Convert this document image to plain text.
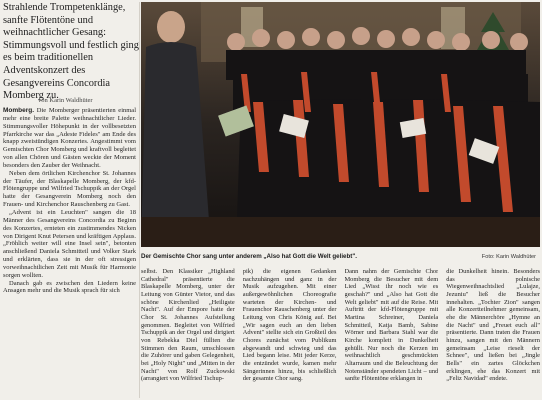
Strahlende Trompetenklänge, sanfte Flötentöne und weihnachtlicher Gesang: Stimmungsvoll und festlich ging es beim traditionellen Adventskonzert des Gesangvereins Concordia Momberg zu.
von Karin Waldhüter

Momberg. Die Momberger präsentierten einmal mehr eine breite Palette weihnachtlicher Lieder. Stimmungsvoller Höhepunkt in der vollbesetzten Pfarrkirche war das „Adeste Fideles" am Ende des knapp zweistündigen Konzertes. Angestimmt vom Gemischten Chor Momberg und kraftvoll begleitet von allen Chören und Gästen weckte der Moment besonders den Zauber der Weihnacht.

Neben dem örtlichen Kirchenchor St. Johannes der Täufer, der Blaskapelle Momberg, der kfd-Flötengruppe und Wilfried Tschuppik an der Orgel hatte der Gesangverein Momberg noch den Frauen- und Kirchenchor Rauschenberg zu Gast.

„Advent ist ein Leuchten" sangen die 18 Männer des Gesangvereins Concordia zu Beginn des Konzertes, ernteten ein zustimmendes Nicken von Dirigent Knut Petersen und kräftigen Applaus. „Fröhlich weiter will eine Insel sein", betonten anschließend Daniela Schmitteil und Volker Stark und erklärten, dass sie in der oft stressigen vorweihnachtlichen Zeit mit Musik für Harmonie sorgen wollten.

Danach gab es zwischen den Liedern keine Ansagen mehr und die Musik sprach für sich

Der Gemischte Chor sang unter anderem „Also hat Gott die Welt geliebt".	Foto: Karin Waldhüter

selbst. Den Klassiker „Highland Cathedral" präsentierte die Blaskapelle Momberg, unter der Leitung von Günter Vietor, und das schöne Kirchenlied „Heiligste Nacht". Auf der Empore hatte der Chor St. Johannes Aufstellung genommen. Begleitet von Wilfried Tschuppik an der Orgel und dirigiert von Rebekka Diel füllten die Stimmen den Raum, umschlossen die Zuhörer und gaben Gelegenheit, bei „Holy Night" und „Mitten in der Nacht" von Rolf Zuckowski (arrangiert von Wilfried Tschup-

pik) die eigenen Gedanken nachzuhängen und ganz in der Musik aufzugehen. Mit einer außergewöhnlichen Choreografie warteten der Kirchen- und Frauenchor Rauschenberg unter der Leitung von Chris König auf. Bei „Wir sagen euch an den lieben Advent" stellte sich ein Großteil des Chores zunächst vom Publikum abgewandt und schwieg und das Lied begann leise. Mit jeder Kerze, die entzündet wurde, kamen mehr Sängerinnen hinzu, bis schließlich der gesamte Chor sang.

Dann nahm der Gemischte Chor Momberg die Besucher mit dem Lied „Wisst ihr noch wie es geschah?" und „Also hat Gott die Welt geliebt" mit auf die Reise. Mit Auftritt der kfd-Flötengruppe mit Martina Schreiner, Daniela Schmitteil, Katja Bamb, Sabine Wörner und Barbara Stahl war die Kirche komplett in Dunkelheit gehüllt. Nur noch die Kerzen im weihnachtlich geschmückten Altarraum und die Beleuchtung der Notenständer spendeten Licht – und sanfte Flötentöne erklangen in

die Dunkelheit hinein. Besonders das polnische Wiegenweihnachtslied „Lulajze, Jezuniu" ließ die Besucher innehalten. „Tochter Zion" sangen alle Konzertteilnehmer gemeinsam, ehe die Männerchöre „Hymne an die Nacht" und „Freuet euch all" präsentierte. Dann traten die Frauen hinzu, sangen mit den Männern gemeinsam „Leise rieselt der Schnee", und ließen bei „Jingle Bells" ein zartes Glöckchen erklingen, ehe das Konzert mit „Feliz Navidad" endete.
